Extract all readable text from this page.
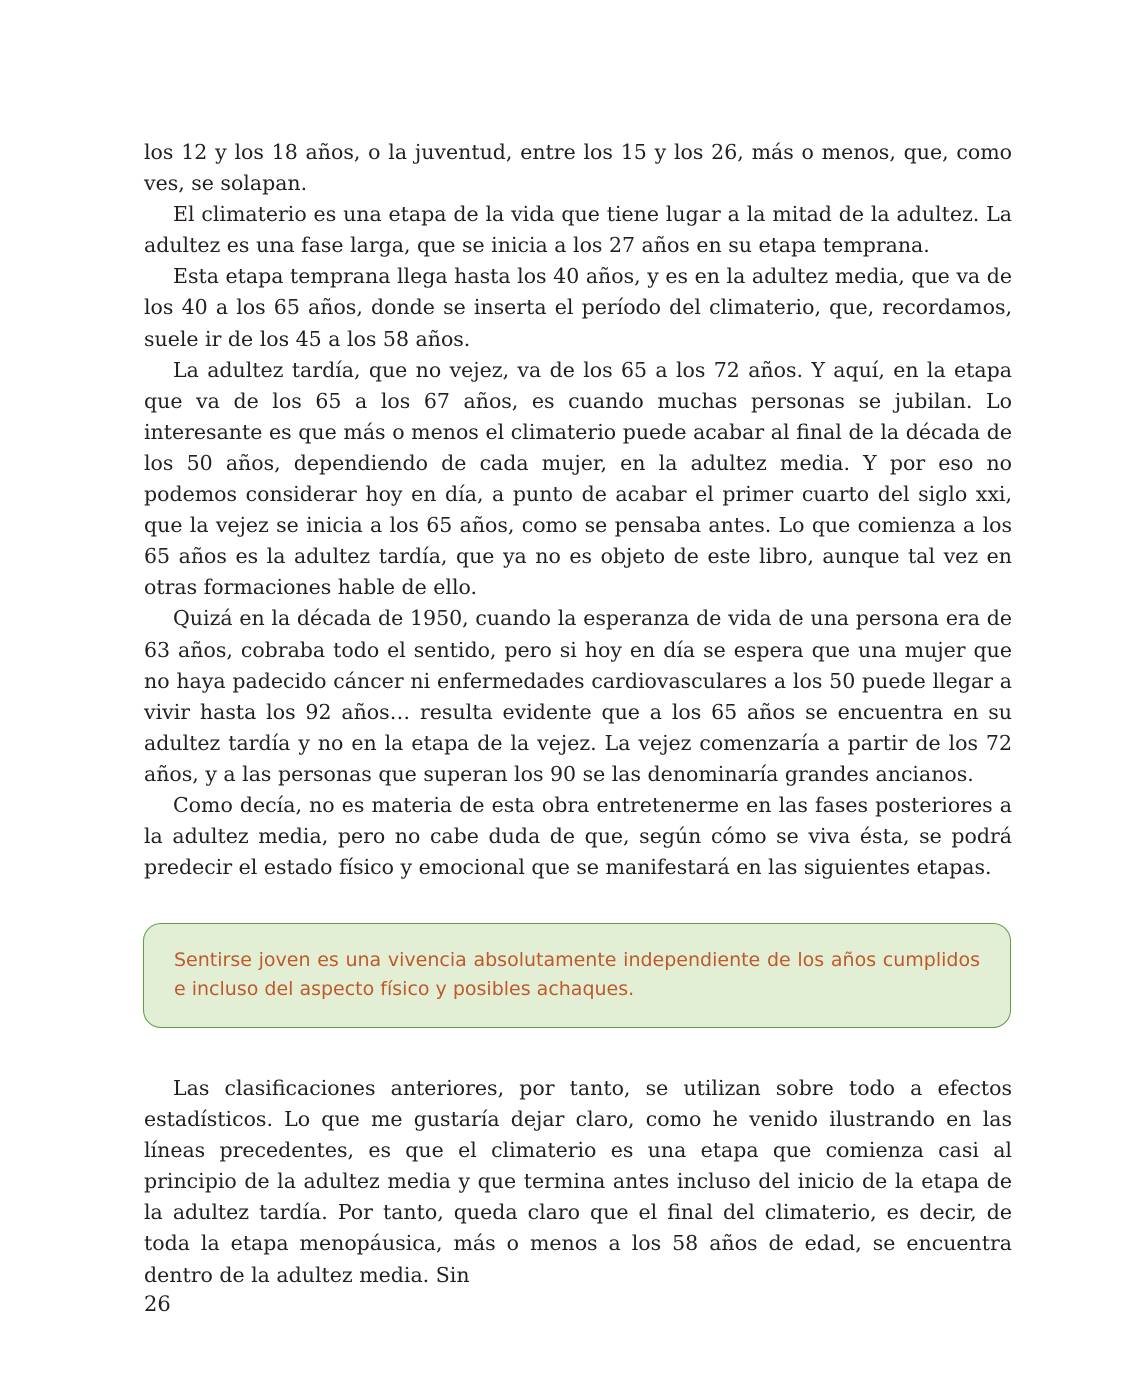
los 12 y los 18 años, o la juventud, entre los 15 y los 26, más o menos, que, como ves, se solapan.

El climaterio es una etapa de la vida que tiene lugar a la mitad de la adultez. La adultez es una fase larga, que se inicia a los 27 años en su etapa temprana.

Esta etapa temprana llega hasta los 40 años, y es en la adultez media, que va de los 40 a los 65 años, donde se inserta el período del climaterio, que, recordamos, suele ir de los 45 a los 58 años.

La adultez tardía, que no vejez, va de los 65 a los 72 años. Y aquí, en la etapa que va de los 65 a los 67 años, es cuando muchas personas se jubilan. Lo interesante es que más o menos el climaterio puede acabar al final de la década de los 50 años, dependiendo de cada mujer, en la adultez media. Y por eso no podemos considerar hoy en día, a punto de acabar el primer cuarto del siglo xxi, que la vejez se inicia a los 65 años, como se pensaba antes. Lo que comienza a los 65 años es la adultez tardía, que ya no es objeto de este libro, aunque tal vez en otras formaciones hable de ello.

Quizá en la década de 1950, cuando la esperanza de vida de una persona era de 63 años, cobraba todo el sentido, pero si hoy en día se espera que una mujer que no haya padecido cáncer ni enfermedades cardiovasculares a los 50 puede llegar a vivir hasta los 92 años… resulta evidente que a los 65 años se encuentra en su adultez tardía y no en la etapa de la vejez. La vejez comenzaría a partir de los 72 años, y a las personas que superan los 90 se las denominaría grandes ancianos.

Como decía, no es materia de esta obra entretenerme en las fases posteriores a la adultez media, pero no cabe duda de que, según cómo se viva ésta, se podrá predecir el estado físico y emocional que se manifestará en las siguientes etapas.

Sentirse joven es una vivencia absolutamente independiente de los años cumplidos e incluso del aspecto físico y posibles achaques.

Las clasificaciones anteriores, por tanto, se utilizan sobre todo a efectos estadísticos. Lo que me gustaría dejar claro, como he venido ilustrando en las líneas precedentes, es que el climaterio es una etapa que comienza casi al principio de la adultez media y que termina antes incluso del inicio de la etapa de la adultez tardía. Por tanto, queda claro que el final del climaterio, es decir, de toda la etapa menopáusica, más o menos a los 58 años de edad, se encuentra dentro de la adultez media. Sin

26
